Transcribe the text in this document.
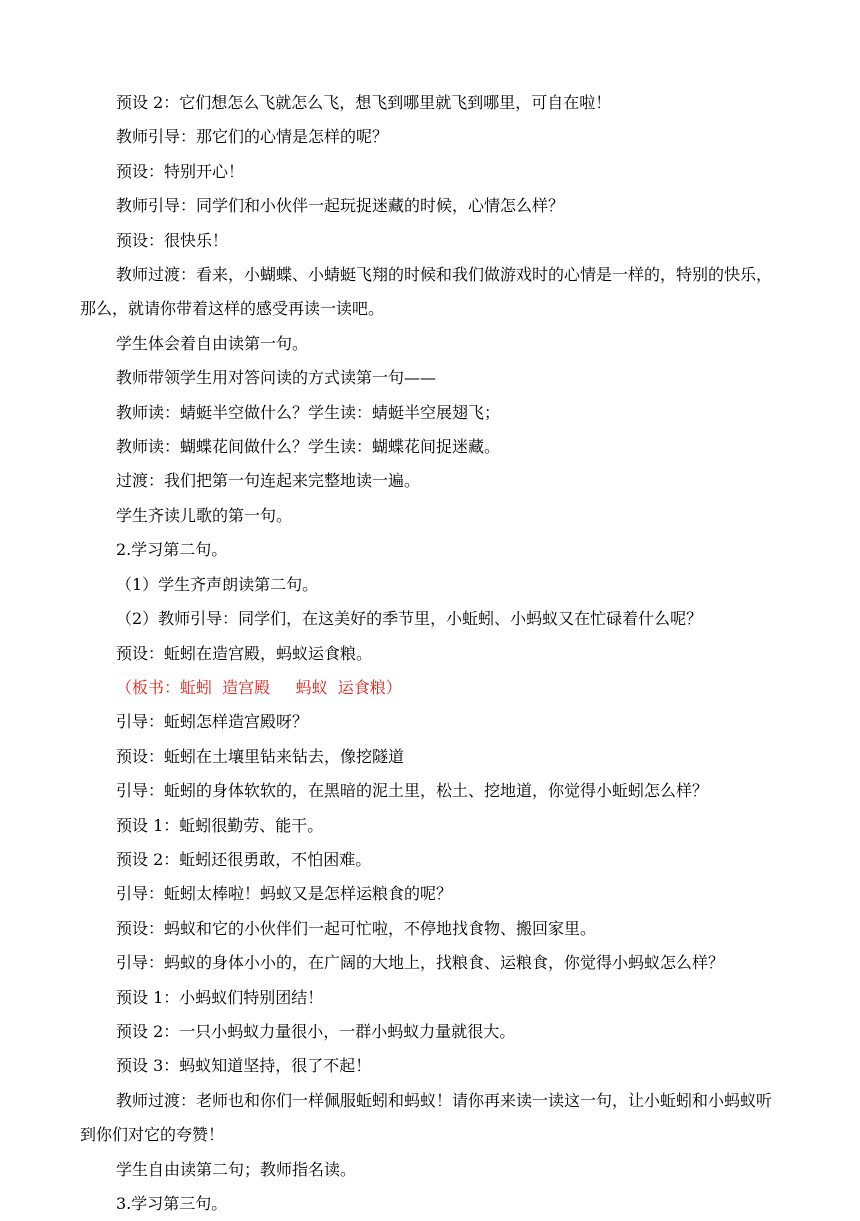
预设 2：它们想怎么飞就怎么飞，想飞到哪里就飞到哪里，可自在啦！

教师引导：那它们的心情是怎样的呢？

预设：特别开心！

教师引导：同学们和小伙伴一起玩捉迷藏的时候，心情怎么样？

预设：很快乐！

教师过渡：看来，小蝴蝶、小蜻蜓飞翔的时候和我们做游戏时的心情是一样的，特别的快乐，那么，就请你带着这样的感受再读一读吧。

学生体会着自由读第一句。

教师带领学生用对答问读的方式读第一句——

教师读：蜻蜓半空做什么？学生读：蜻蜓半空展翅飞；

教师读：蝴蝶花间做什么？学生读：蝴蝶花间捉迷藏。

过渡：我们把第一句连起来完整地读一遍。

学生齐读儿歌的第一句。

2.学习第二句。

（1）学生齐声朗读第二句。

（2）教师引导：同学们，在这美好的季节里，小蚯蚓、小蚂蚁又在忙碌着什么呢？

预设：蚯蚓在造宫殿，蚂蚁运食粮。

（板书：蚯蚓  造宫殿     蚂蚁  运食粮）

引导：蚯蚓怎样造宫殿呀？

预设：蚯蚓在土壤里钻来钻去，像挖隧道

引导：蚯蚓的身体软软的，在黑暗的泥土里，松土、挖地道，你觉得小蚯蚓怎么样？

预设 1：蚯蚓很勤劳、能干。

预设 2：蚯蚓还很勇敢，不怕困难。

引导：蚯蚓太棒啦！蚂蚁又是怎样运粮食的呢？

预设：蚂蚁和它的小伙伴们一起可忙啦，不停地找食物、搬回家里。

引导：蚂蚁的身体小小的，在广阔的大地上，找粮食、运粮食，你觉得小蚂蚁怎么样？

预设 1：小蚂蚁们特别团结！

预设 2：一只小蚂蚁力量很小，一群小蚂蚁力量就很大。

预设 3：蚂蚁知道坚持，很了不起！

教师过渡：老师也和你们一样佩服蚯蚓和蚂蚁！请你再来读一读这一句，让小蚯蚓和小蚂蚁听到你们对它的夸赞！

学生自由读第二句；教师指名读。

3.学习第三句。
